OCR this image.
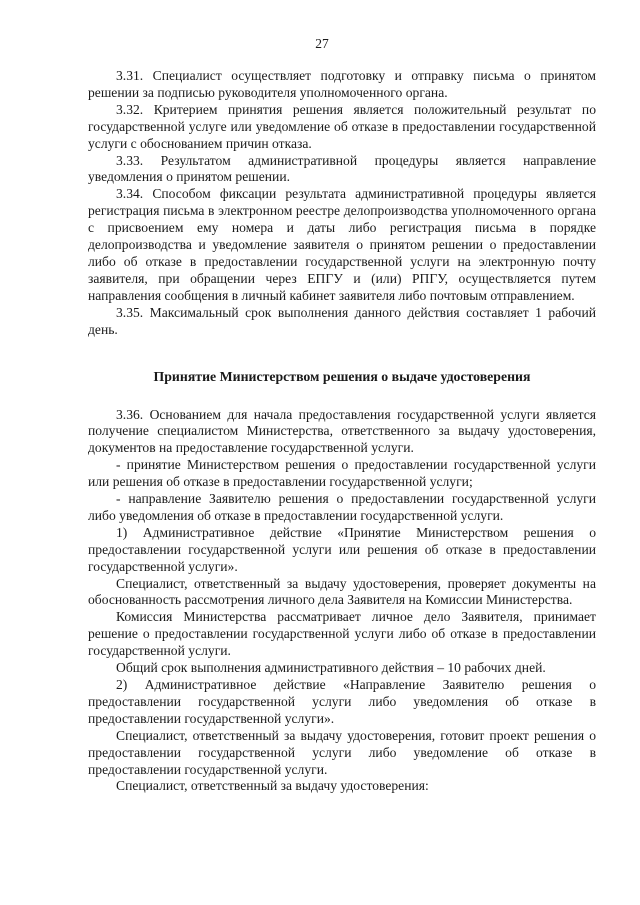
27

3.31. Специалист осуществляет подготовку и отправку письма о принятом решении за подписью руководителя уполномоченного органа.

3.32. Критерием принятия решения является положительный результат по государственной услуге или уведомление об отказе в предоставлении государственной услуги с обоснованием причин отказа.

3.33. Результатом административной процедуры является направление уведомления о принятом решении.

3.34. Способом фиксации результата административной процедуры является регистрация письма в электронном реестре делопроизводства уполномоченного органа с присвоением ему номера и даты либо регистрация письма в порядке делопроизводства и уведомление заявителя о принятом решении о предоставлении либо об отказе в предоставлении государственной услуги на электронную почту заявителя, при обращении через ЕПГУ и (или) РПГУ, осуществляется путем направления сообщения в личный кабинет заявителя либо почтовым отправлением.

3.35. Максимальный срок выполнения данного действия составляет 1 рабочий день.

Принятие Министерством решения о выдаче удостоверения

3.36. Основанием для начала предоставления государственной услуги является получение специалистом Министерства, ответственного за выдачу удостоверения, документов на предоставление государственной услуги.

- принятие Министерством решения о предоставлении государственной услуги или решения об отказе в предоставлении государственной услуги;

- направление Заявителю решения о предоставлении государственной услуги либо уведомления об отказе в предоставлении государственной услуги.

1) Административное действие «Принятие Министерством решения о предоставлении государственной услуги или решения об отказе в предоставлении государственной услуги».

Специалист, ответственный за выдачу удостоверения, проверяет документы на обоснованность рассмотрения личного дела Заявителя на Комиссии Министерства.

Комиссия Министерства рассматривает личное дело Заявителя, принимает решение о предоставлении государственной услуги либо об отказе в предоставлении государственной услуги.

Общий срок выполнения административного действия – 10 рабочих дней.

2) Административное действие «Направление Заявителю решения о предоставлении государственной услуги либо уведомления об отказе в предоставлении государственной услуги».

Специалист, ответственный за выдачу удостоверения, готовит проект решения о предоставлении государственной услуги либо уведомление об отказе в предоставлении государственной услуги.

Специалист, ответственный за выдачу удостоверения:
